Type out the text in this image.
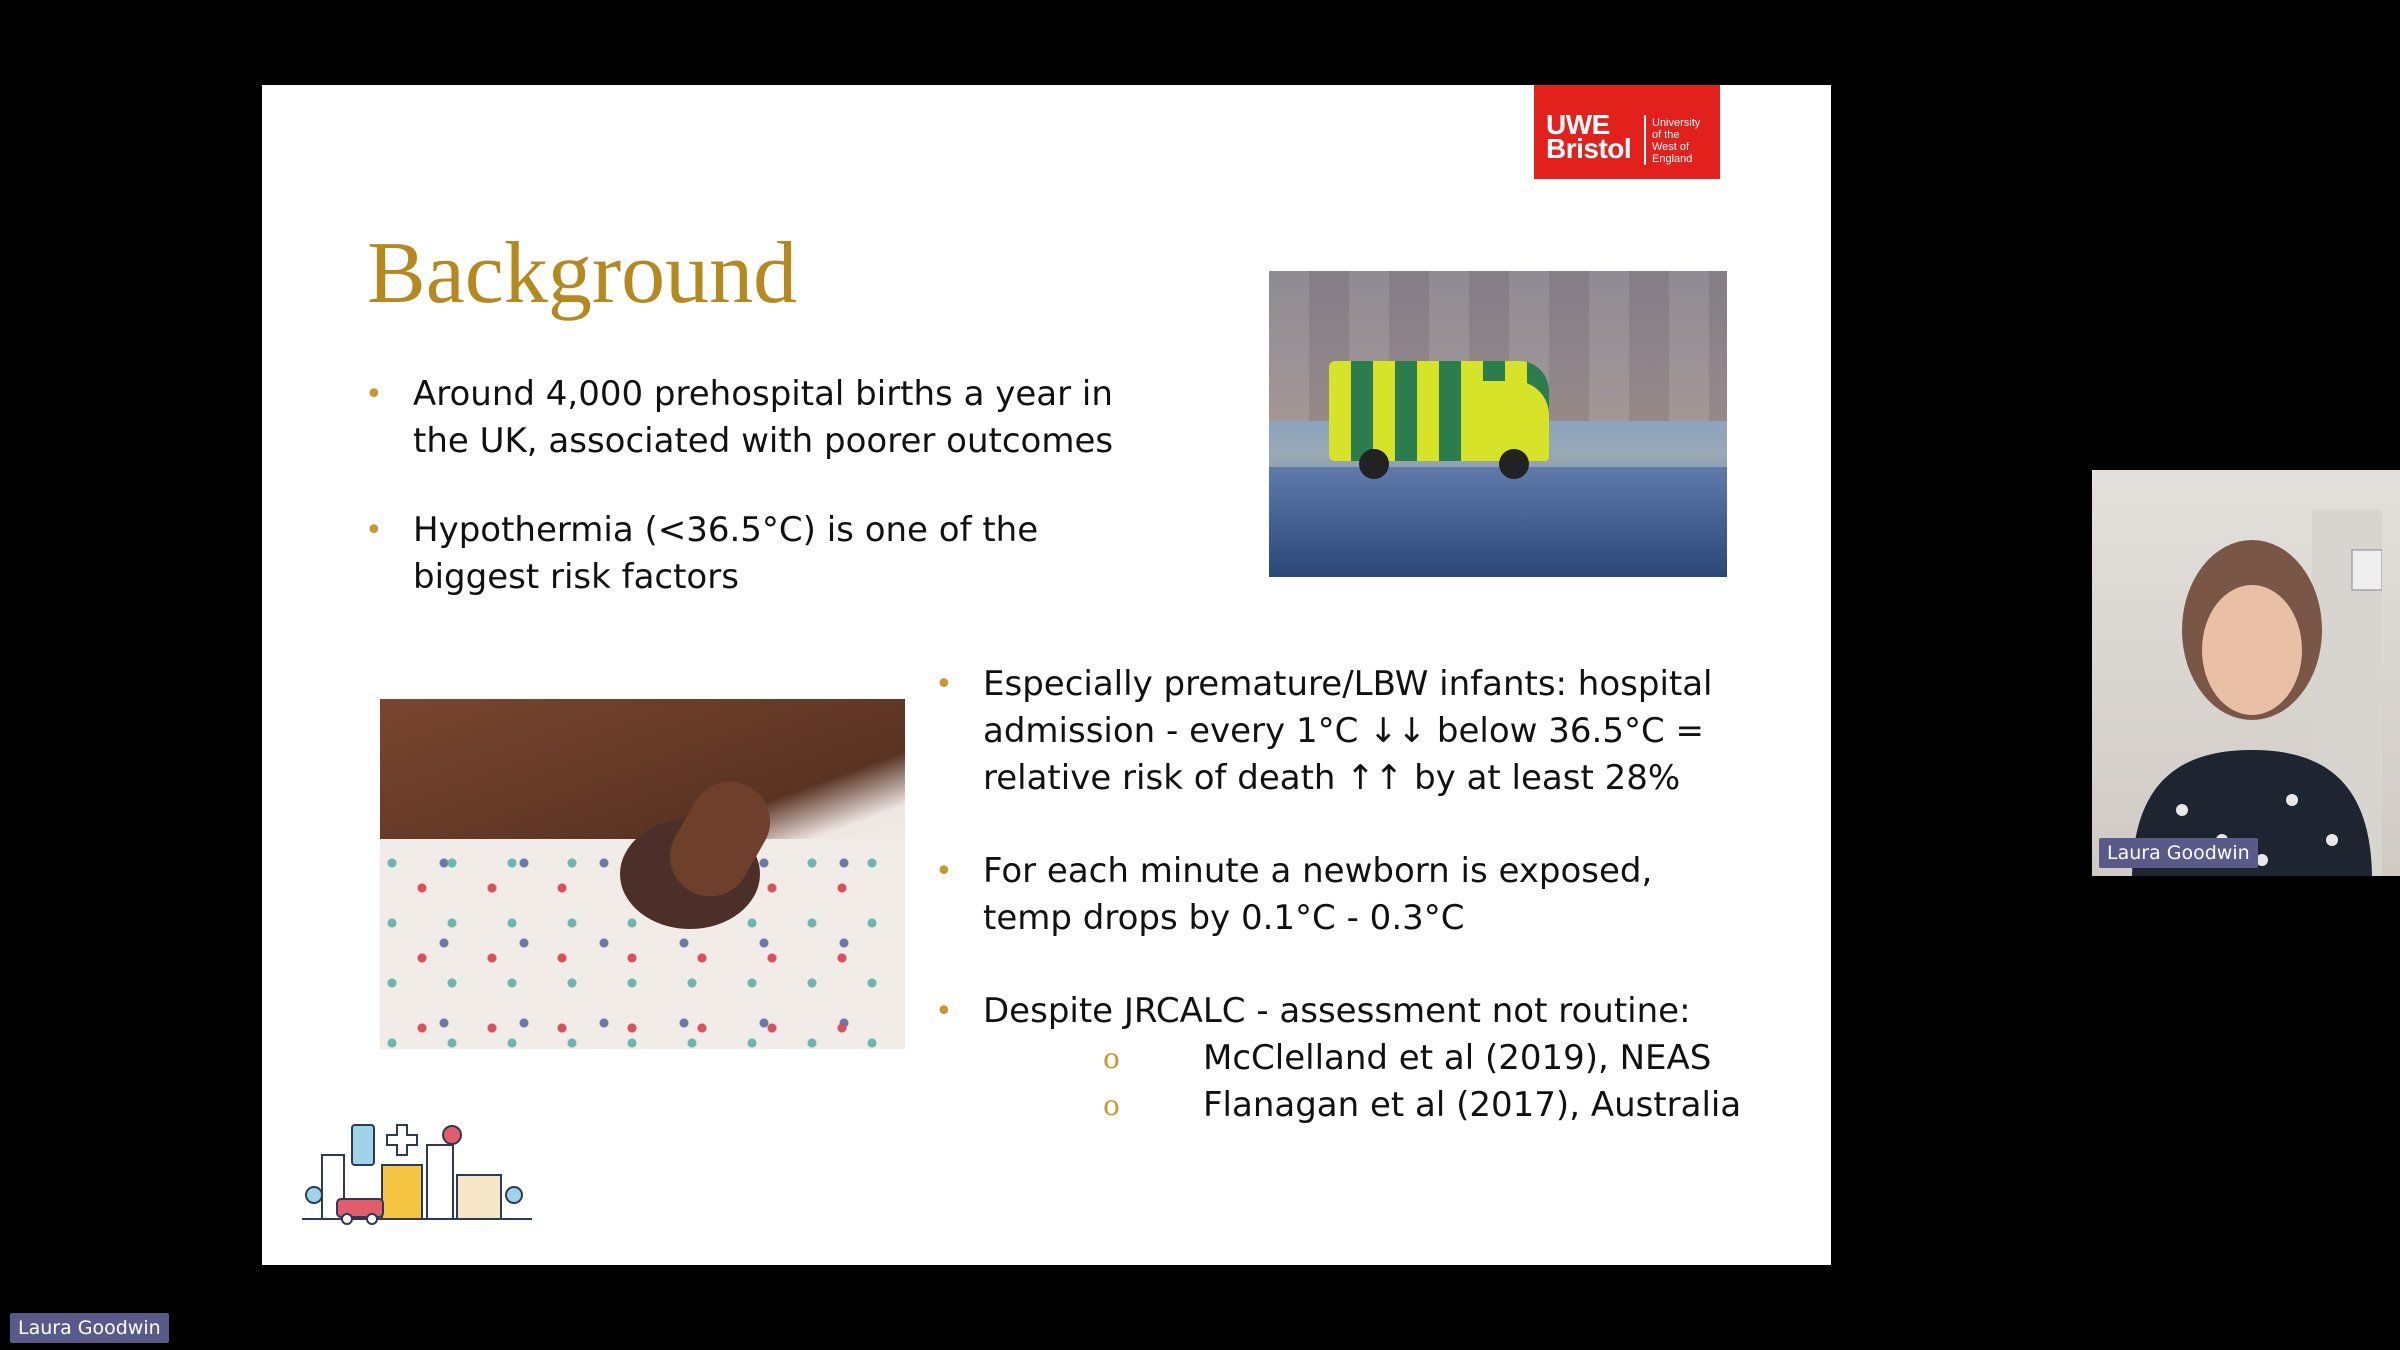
UWE
Bristol
University
of the
West of
England
Background
• Around 4,000 prehospital births a year in
the UK, associated with poorer outcomes
• Hypothermia (<36.5°C) is one of the
biggest risk factors
• Especially premature/LBW infants: hospital
admission - every 1°C ↓↓ below 36.5°C =
relative risk of death ↑↑ by at least 28%
• For each minute a newborn is exposed,
temp drops by 0.1°C - 0.3°C
• Despite JRCALC - assessment not routine:
o McClelland et al (2019), NEAS
o Flanagan et al (2017), Australia
Laura Goodwin
Laura Goodwin
